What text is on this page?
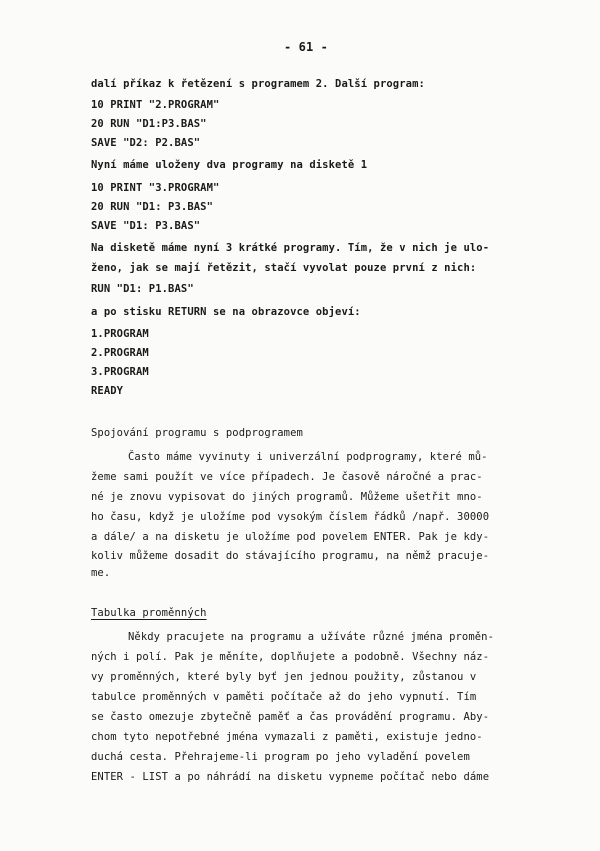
- 61 -
dalí příkaz k řetězení s programem 2. Další program:
10 PRINT "2.PROGRAM"
20 RUN "D1:P3.BAS"
SAVE "D2: P2.BAS"
Nyní máme uloženy dva programy na disketě 1
10 PRINT "3.PROGRAM"
20 RUN "D1: P3.BAS"
SAVE "D1: P3.BAS"
Na disketě máme nyní 3 krátké programy. Tím, že v nich je ulo-
ženo, jak se mají řetězit, stačí vyvolat pouze první z nich:
RUN "D1: P1.BAS"
a po stisku RETURN se na obrazovce objeví:
1.PROGRAM
2.PROGRAM
3.PROGRAM
READY
Spojování programu s podprogramem
Často máme vyvinuty i univerzální podprogramy, které mů-
žeme sami použít ve více případech. Je časově náročné a prac-
né je znovu vypisovat do jiných programů. Můžeme ušetřit mno-
ho času, když je uložíme pod vysokým číslem řádků /např. 30000
a dále/ a na disketu je uložíme pod povelem ENTER. Pak je kdy-
koliv můžeme dosadit do stávajícího programu, na němž pracuje-
me.
Tabulka proměnných
Někdy pracujete na programu a užíváte různé jména proměn-
ných i polí. Pak je měníte, doplňujete a podobně. Všechny náz-
vy proměnných, které byly byť jen jednou použity, zůstanou v
tabulce proměnných v paměti počítače až do jeho vypnutí. Tím
se často omezuje zbytečně paměť a čas provádění programu. Aby-
chom tyto nepotřebné jména vymazali z paměti, existuje jedno-
duchá cesta. Přehrajeme-li program po jeho vyladění povelem
ENTER - LIST a po náhrádí na disketu vypneme počítač nebo dáme
